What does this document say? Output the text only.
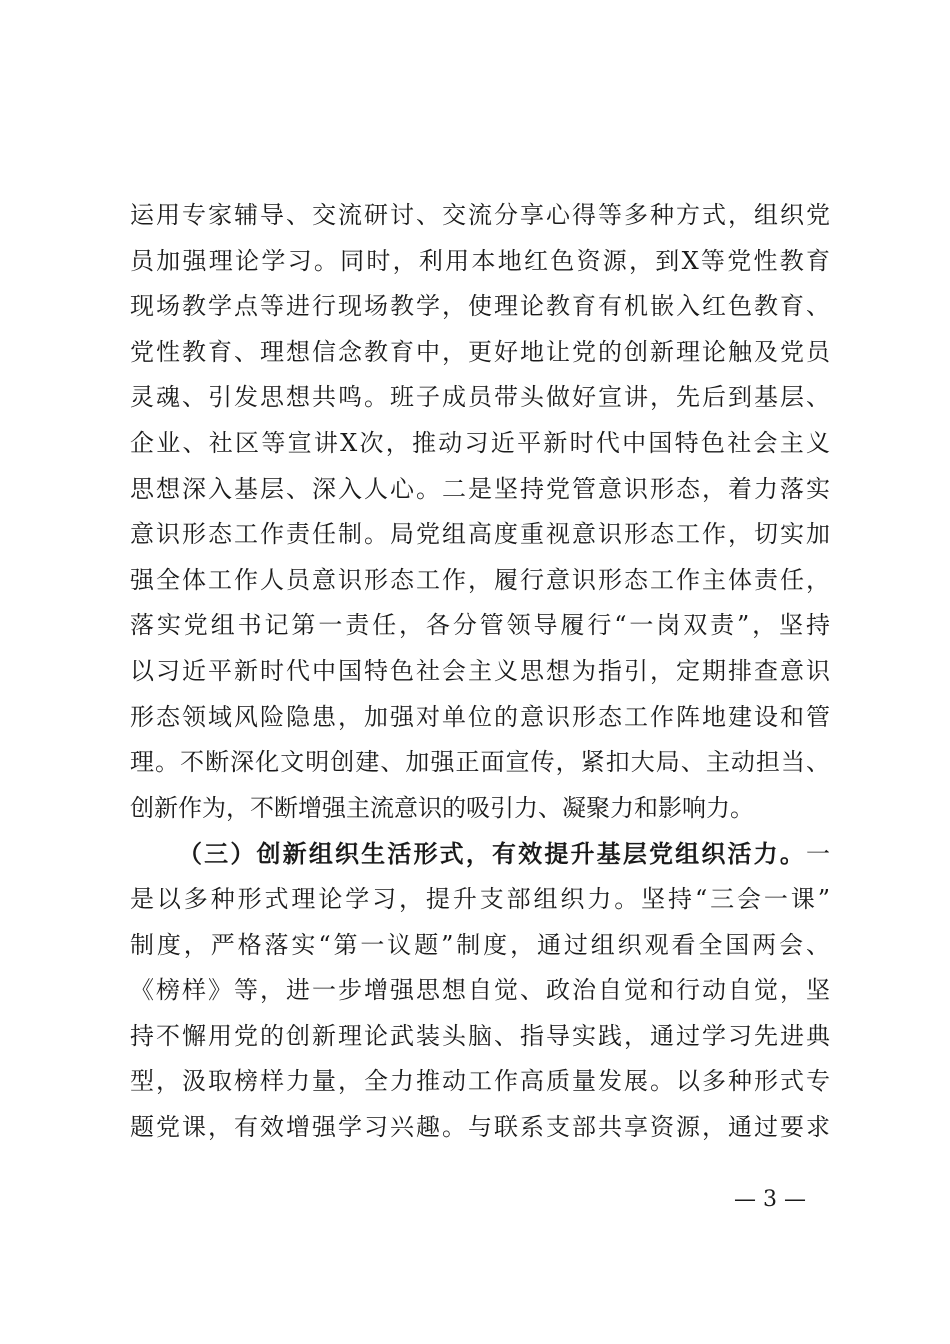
运用专家辅导、交流研讨、交流分享心得等多种方式，组织党
员加强理论学习。同时，利用本地红色资源，到X等党性教育
现场教学点等进行现场教学，使理论教育有机嵌入红色教育、
党性教育、理想信念教育中，更好地让党的创新理论触及党员
灵魂、引发思想共鸣。班子成员带头做好宣讲，先后到基层、
企业、社区等宣讲X次，推动习近平新时代中国特色社会主义
思想深入基层、深入人心。二是坚持党管意识形态，着力落实
意识形态工作责任制。局党组高度重视意识形态工作，切实加
强全体工作人员意识形态工作，履行意识形态工作主体责任，
落实党组书记第一责任，各分管领导履行“一岗双责”，坚持
以习近平新时代中国特色社会主义思想为指引，定期排查意识
形态领域风险隐患，加强对单位的意识形态工作阵地建设和管
理。不断深化文明创建、加强正面宣传，紧扣大局、主动担当、
创新作为，不断增强主流意识的吸引力、凝聚力和影响力。
（三）创新组织生活形式，有效提升基层党组织活力。一
是以多种形式理论学习，提升支部组织力。坚持“三会一课”
制度，严格落实“第一议题”制度，通过组织观看全国两会、
《榜样》等，进一步增强思想自觉、政治自觉和行动自觉，坚
持不懈用党的创新理论武装头脑、指导实践，通过学习先进典
型，汲取榜样力量，全力推动工作高质量发展。以多种形式专
题党课，有效增强学习兴趣。与联系支部共享资源，通过要求
— 3 —
